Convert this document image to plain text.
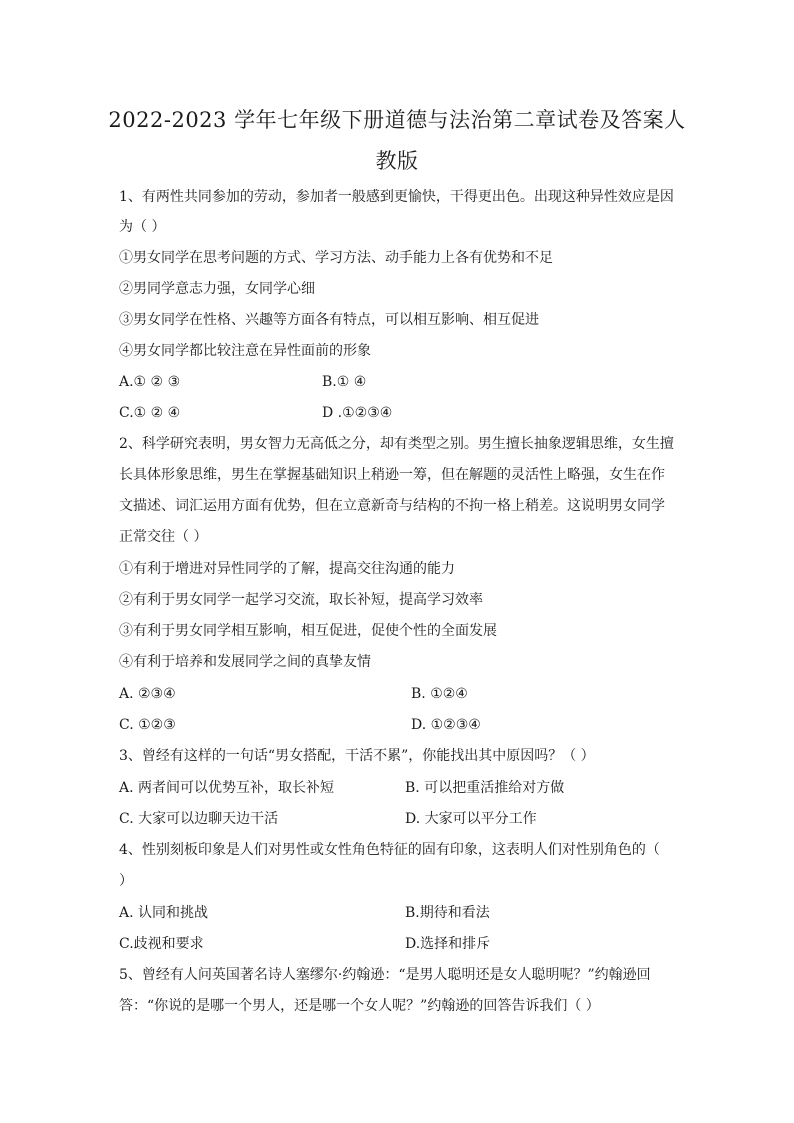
2022-2023 学年七年级下册道德与法治第二章试卷及答案人
教版
1、有两性共同参加的劳动，参加者一般感到更愉快，干得更出色。出现这种异性效应是因
为（ ）
①男女同学在思考问题的方式、学习方法、动手能力上各有优势和不足
②男同学意志力强，女同学心细
③男女同学在性格、兴趣等方面各有特点，可以相互影响、相互促进
④男女同学都比较注意在异性面前的形象
A.① ② ③	B.① ④
C.① ② ④	D .①②③④
2、科学研究表明，男女智力无高低之分，却有类型之别。男生擅长抽象逻辑思维，女生擅
长具体形象思维，男生在掌握基础知识上稍逊一筹，但在解题的灵活性上略强，女生在作
文描述、词汇运用方面有优势，但在立意新奇与结构的不拘一格上稍差。这说明男女同学
正常交往（ ）
①有利于增进对异性同学的了解，提高交往沟通的能力
②有利于男女同学一起学习交流，取长补短，提高学习效率
③有利于男女同学相互影响，相互促进，促使个性的全面发展
④有利于培养和发展同学之间的真挚友情
A. ②③④	B. ①②④
C. ①②③	D. ①②③④
3、曾经有这样的一句话“男女搭配，干活不累”，你能找出其中原因吗？（ ）
A. 两者间可以优势互补，取长补短	B. 可以把重活推给对方做
C. 大家可以边聊天边干活	D. 大家可以平分工作
4、性别刻板印象是人们对男性或女性角色特征的固有印象，这表明人们对性别角色的（
）
A. 认同和挑战	B.期待和看法
C.歧视和要求	D.选择和排斥
5、曾经有人问英国著名诗人塞缪尔·约翰逊：“是男人聪明还是女人聪明呢？”约翰逊回
答：“你说的是哪一个男人，还是哪一个女人呢？”约翰逊的回答告诉我们（ ）
